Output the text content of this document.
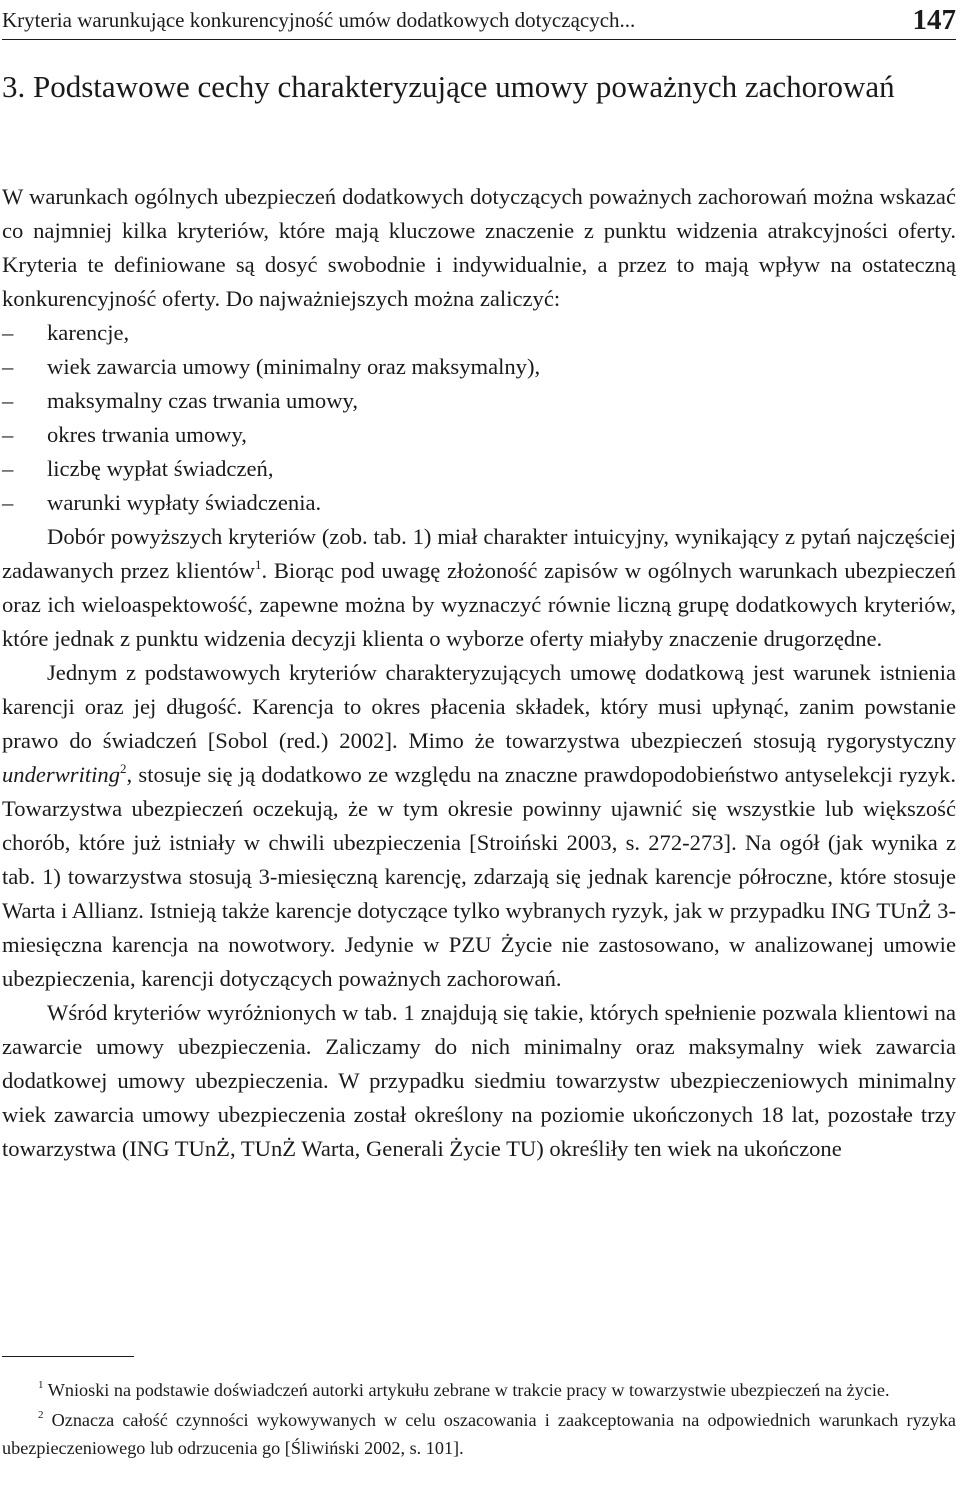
Kryteria warunkujące konkurencyjność umów dodatkowych dotyczących...	147
3. Podstawowe cechy charakteryzujące umowy poważnych zachorowań

W warunkach ogólnych ubezpieczeń dodatkowych dotyczących poważnych zachorowań można wskazać co najmniej kilka kryteriów, które mają kluczowe znaczenie z punktu widzenia atrakcyjności oferty. Kryteria te definiowane są dosyć swobodnie i indywidualnie, a przez to mają wpływ na ostateczną konkurencyjność oferty. Do najważniejszych można zaliczyć:

– karencje,
– wiek zawarcia umowy (minimalny oraz maksymalny),
– maksymalny czas trwania umowy,
– okres trwania umowy,
– liczbę wypłat świadczeń,
– warunki wypłaty świadczenia.

Dobór powyższych kryteriów (zob. tab. 1) miał charakter intuicyjny, wynikający z pytań najczęściej zadawanych przez klientów$^1$. Biorąc pod uwagę złożoność zapisów w ogólnych warunkach ubezpieczeń oraz ich wieloaspektowość, zapewne można by wyznaczyć równie liczną grupę dodatkowych kryteriów, które jednak z punktu widzenia decyzji klienta o wyborze oferty miałyby znaczenie drugorzędne.

Jednym z podstawowych kryteriów charakteryzujących umowę dodatkową jest warunek istnienia karencji oraz jej długość. Karencja to okres płacenia składek, który musi upłynąć, zanim powstanie prawo do świadczeń [Sobol (red.) 2002]. Mimo że towarzystwa ubezpieczeń stosują rygorystyczny underwriting$^2$, stosuje się ją dodatkowo ze względu na znaczne prawdopodobieństwo antyselekcji ryzyk. Towarzystwa ubezpieczeń oczekują, że w tym okresie powinny ujawnić się wszystkie lub większość chorób, które już istniały w chwili ubezpieczenia [Stroiński 2003, s. 272-273]. Na ogół (jak wynika z tab. 1) towarzystwa stosują 3-miesięczną karencję, zdarzają się jednak karencje półroczne, które stosuje Warta i Allianz. Istnieją także karencje dotyczące tylko wybranych ryzyk, jak w przypadku ING TUnŻ 3-miesięczna karencja na nowotwory. Jedynie w PZU Życie nie zastosowano, w analizowanej umowie ubezpieczenia, karencji dotyczących poważnych zachorowań.

Wśród kryteriów wyróżnionych w tab. 1 znajdują się takie, których spełnienie pozwala klientowi na zawarcie umowy ubezpieczenia. Zaliczamy do nich minimalny oraz maksymalny wiek zawarcia dodatkowej umowy ubezpieczenia. W przypadku siedmiu towarzystw ubezpieczeniowych minimalny wiek zawarcia umowy ubezpieczenia został określony na poziomie ukończonych 18 lat, pozostałe trzy towarzystwa (ING TUnŻ, TUnŻ Warta, Generali Życie TU) określiły ten wiek na ukończone

$^1$ Wnioski na podstawie doświadczeń autorki artykułu zebrane w trakcie pracy w towarzystwie ubezpieczeń na życie.

$^2$ Oznacza całość czynności wykowywanych w celu oszacowania i zaakceptowania na odpowiednich warunkach ryzyka ubezpieczeniowego lub odrzucenia go [Śliwiński 2002, s. 101].
